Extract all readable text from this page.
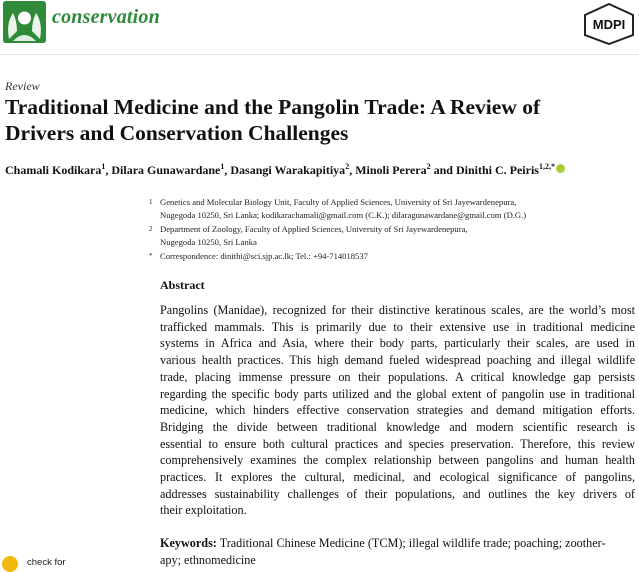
conservation	MDPI
Review
Traditional Medicine and the Pangolin Trade: A Review of
Drivers and Conservation Challenges
Chamali Kodikara$^1$, Dilara Gunawardane$^1$, Dasangi Warakapitiya$^2$, Minoli Perera$^2$ and Dinithi C. Peiris$^{1,2,*}$
1 Genetics and Molecular Biology Unit, Faculty of Applied Sciences, University of Sri Jayewardenepura,
Nugegoda 10250, Sri Lanka; kodikarachamali@gmail.com (C.K.); dilaragunawardane@gmail.com (D.G.)
2 Department of Zoology, Faculty of Applied Sciences, University of Sri Jayewardenepura,
Nugegoda 10250, Sri Lanka
* Correspondence: dinithi@sci.sjp.ac.lk; Tel.: +94-714018537
Abstract
Pangolins (Manidae), recognized for their distinctive keratinous scales, are the world’s most
trafficked mammals. This is primarily due to their extensive use in traditional medicine
systems in Africa and Asia, where their body parts, particularly their scales, are used in
various health practices. This high demand fueled widespread poaching and illegal wildlife
trade, placing immense pressure on their populations. A critical knowledge gap persists
regarding the specific body parts utilized and the global extent of pangolin use in traditional
medicine, which hinders effective conservation strategies and demand mitigation efforts.
Bridging the divide between traditional knowledge and modern scientific research is
essential to ensure both cultural practices and species preservation. Therefore, this review
comprehensively examines the complex relationship between pangolins and human health
practices. It explores the cultural, medicinal, and ecological significance of pangolins,
addresses sustainability challenges of their populations, and outlines the key drivers of
their exploitation.
Keywords: Traditional Chinese Medicine (TCM); illegal wildlife trade; poaching; zoother-
apy; ethnomedicine
check for
